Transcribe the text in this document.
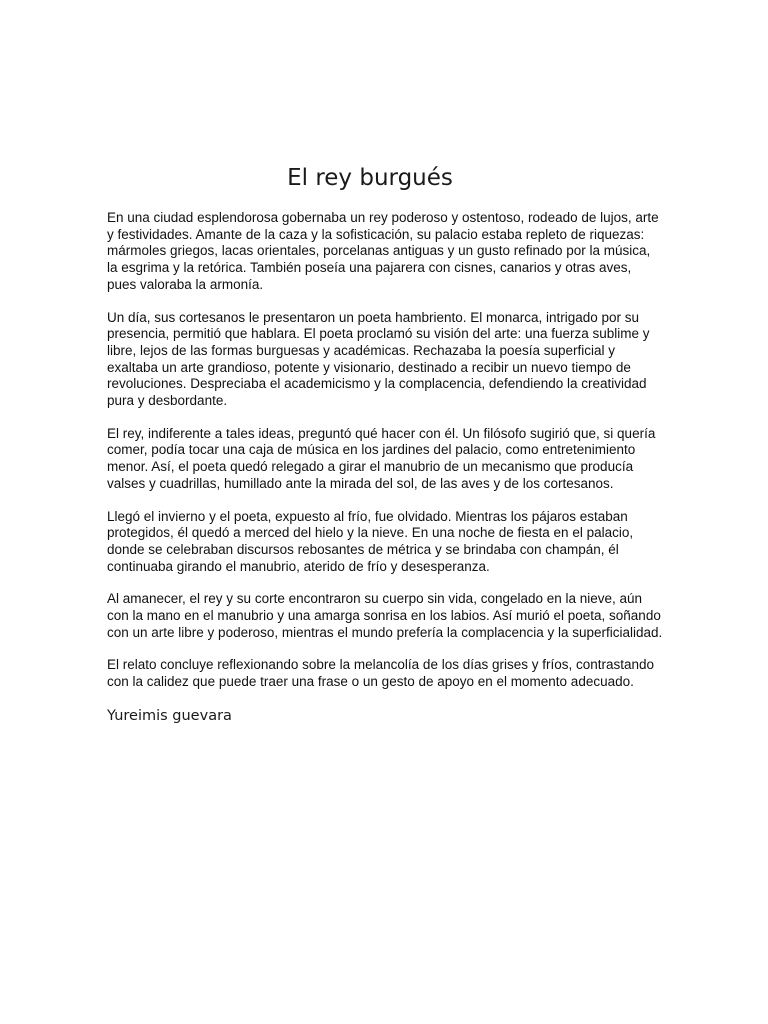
El rey burgués

En una ciudad esplendorosa gobernaba un rey poderoso y ostentoso, rodeado de lujos, arte y festividades. Amante de la caza y la sofisticación, su palacio estaba repleto de riquezas: mármoles griegos, lacas orientales, porcelanas antiguas y un gusto refinado por la música, la esgrima y la retórica. También poseía una pajarera con cisnes, canarios y otras aves, pues valoraba la armonía.

Un día, sus cortesanos le presentaron un poeta hambriento. El monarca, intrigado por su presencia, permitió que hablara. El poeta proclamó su visión del arte: una fuerza sublime y libre, lejos de las formas burguesas y académicas. Rechazaba la poesía superficial y exaltaba un arte grandioso, potente y visionario, destinado a recibir un nuevo tiempo de revoluciones. Despreciaba el academicismo y la complacencia, defendiendo la creatividad pura y desbordante.

El rey, indiferente a tales ideas, preguntó qué hacer con él. Un filósofo sugirió que, si quería comer, podía tocar una caja de música en los jardines del palacio, como entretenimiento menor. Así, el poeta quedó relegado a girar el manubrio de un mecanismo que producía valses y cuadrillas, humillado ante la mirada del sol, de las aves y de los cortesanos.

Llegó el invierno y el poeta, expuesto al frío, fue olvidado. Mientras los pájaros estaban protegidos, él quedó a merced del hielo y la nieve. En una noche de fiesta en el palacio, donde se celebraban discursos rebosantes de métrica y se brindaba con champán, él continuaba girando el manubrio, aterido de frío y desesperanza.

Al amanecer, el rey y su corte encontraron su cuerpo sin vida, congelado en la nieve, aún con la mano en el manubrio y una amarga sonrisa en los labios. Así murió el poeta, soñando con un arte libre y poderoso, mientras el mundo prefería la complacencia y la superficialidad.

El relato concluye reflexionando sobre la melancolía de los días grises y fríos, contrastando con la calidez que puede traer una frase o un gesto de apoyo en el momento adecuado.

Yureimis guevara
